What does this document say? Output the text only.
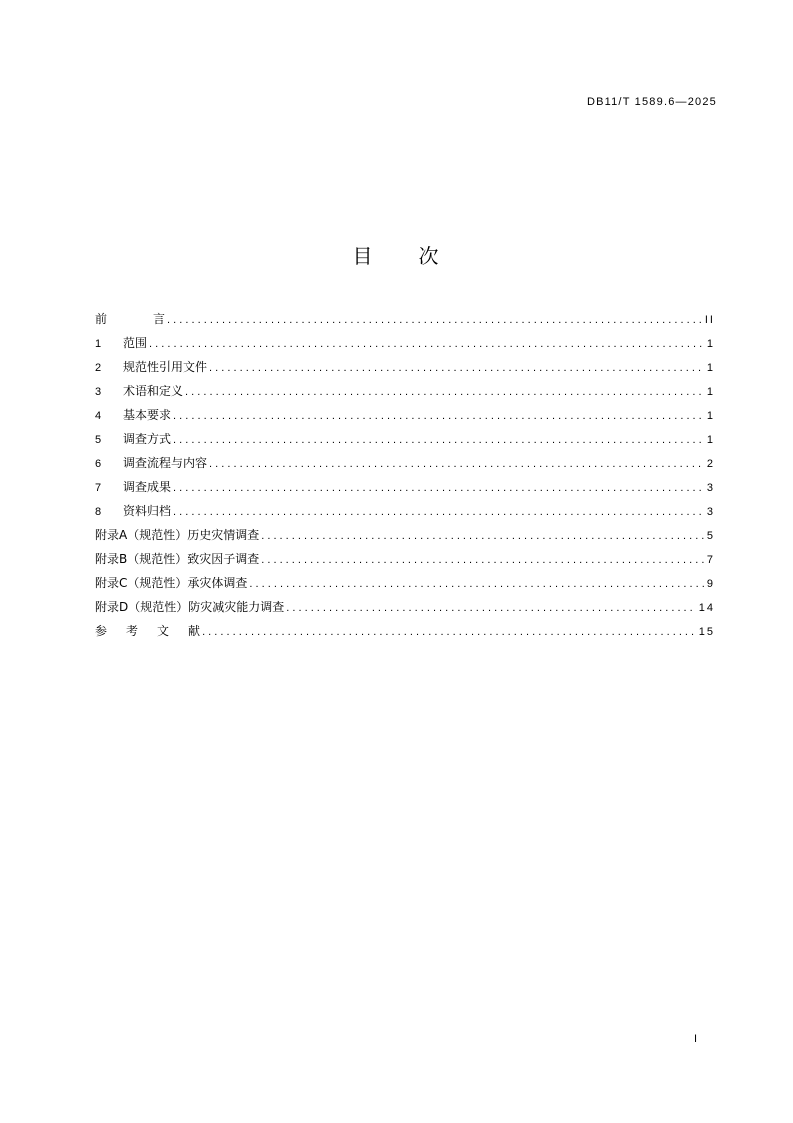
DB11/T 1589.6—2025
目 次
前	言 . . .	II
1	范围 . . .	1
2	规范性引用文件 . . .	1
3	术语和定义 . . .	1
4	基本要求 . . .	1
5	调查方式 . . .	1
6	调查流程与内容 . . .	2
7	调查成果 . . .	3
8	资料归档 . . .	3
附录A（规范性）历史灾情调查 . . .	5
附录B（规范性）致灾因子调查 . . .	7
附录C（规范性）承灾体调查 . . .	9
附录D（规范性）防灾减灾能力调查 . . .	14
参 考 文 献 . . .	15
I
